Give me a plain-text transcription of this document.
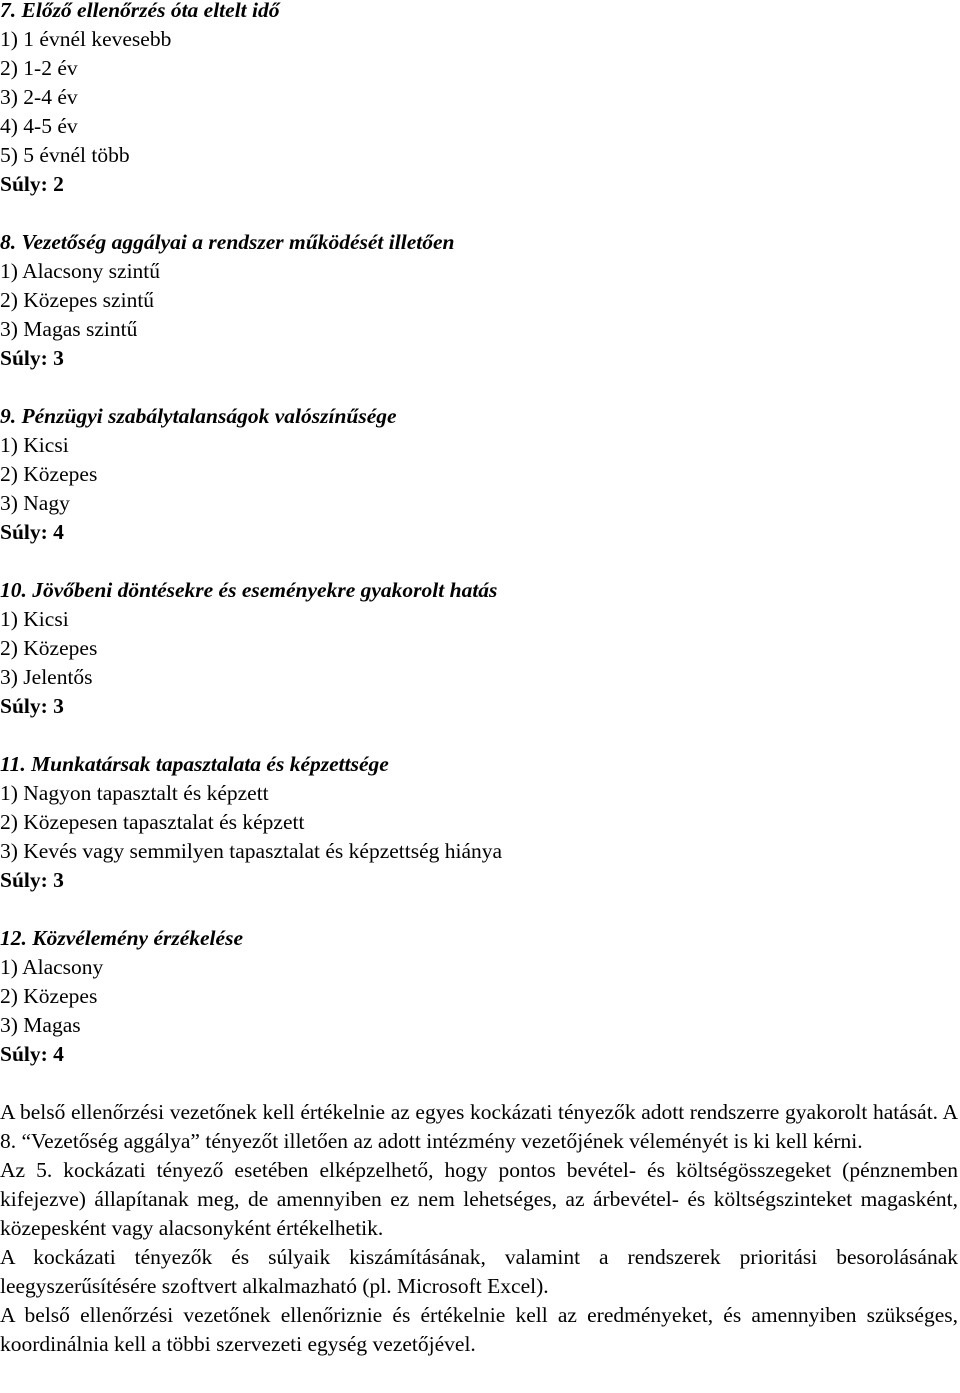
7. Előző ellenőrzés óta eltelt idő
1) 1 évnél kevesebb
2) 1-2 év
3) 2-4 év
4) 4-5 év
5) 5 évnél több
Súly: 2
8. Vezetőség aggályai a rendszer működését illetően
1) Alacsony szintű
2) Közepes szintű
3) Magas szintű
Súly: 3
9. Pénzügyi szabálytalanságok valószínűsége
1) Kicsi
2) Közepes
3) Nagy
Súly: 4
10. Jövőbeni döntésekre és eseményekre gyakorolt hatás
1) Kicsi
2) Közepes
3) Jelentős
Súly: 3
11. Munkatársak tapasztalata és képzettsége
1) Nagyon tapasztalt és képzett
2) Közepesen tapasztalat és képzett
3) Kevés vagy semmilyen tapasztalat és képzettség hiánya
Súly: 3
12. Közvélemény érzékelése
1) Alacsony
2) Közepes
3) Magas
Súly: 4

A belső ellenőrzési vezetőnek kell értékelnie az egyes kockázati tényezők adott rendszerre gyakorolt hatását. A 8. “Vezetőség aggálya” tényezőt illetően az adott intézmény vezetőjének véleményét is ki kell kérni.

Az 5. kockázati tényező esetében elképzelhető, hogy pontos bevétel- és költségösszegeket (pénznemben kifejezve) állapítanak meg, de amennyiben ez nem lehetséges, az árbevétel- és költségszinteket magasként, közepesként vagy alacsonyként értékelhetik.

A kockázati tényezők és súlyaik kiszámításának, valamint a rendszerek prioritási besorolásának leegyszerűsítésére szoftvert alkalmazható (pl. Microsoft Excel).

A belső ellenőrzési vezetőnek ellenőriznie és értékelnie kell az eredményeket, és amennyiben szükséges, koordinálnia kell a többi szervezeti egység vezetőjével.
